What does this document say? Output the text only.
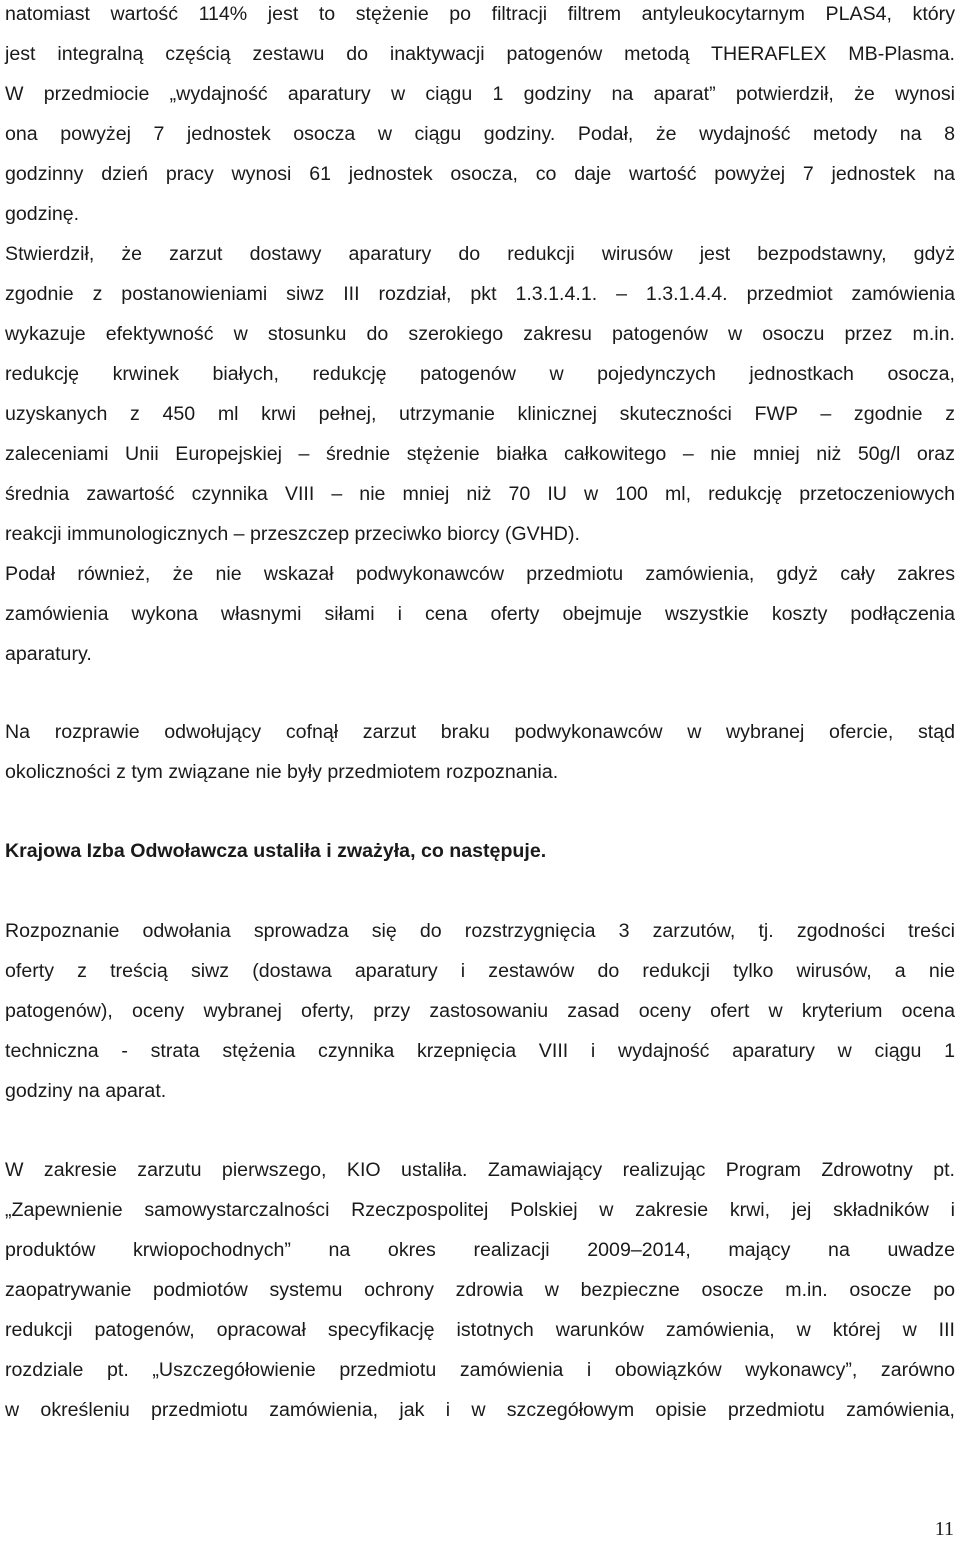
natomiast wartość 114% jest to stężenie po filtracji filtrem antyleukocytarnym PLAS4, który
jest integralną częścią zestawu do inaktywacji patogenów metodą THERAFLEX MB-Plasma.
W przedmiocie „wydajność aparatury w ciągu 1 godziny na aparat” potwierdził, że wynosi
ona powyżej 7 jednostek osocza w ciągu godziny. Podał, że wydajność metody na 8
godzinny dzień pracy wynosi 61 jednostek osocza, co daje wartość powyżej 7 jednostek na
godzinę.
Stwierdził, że zarzut dostawy aparatury do redukcji wirusów jest bezpodstawny, gdyż
zgodnie z postanowieniami siwz III rozdział, pkt 1.3.1.4.1. – 1.3.1.4.4. przedmiot zamówienia
wykazuje efektywność w stosunku do szerokiego zakresu patogenów w osoczu przez m.in.
redukcję krwinek białych, redukcję patogenów w pojedynczych jednostkach osocza,
uzyskanych z 450 ml krwi pełnej, utrzymanie klinicznej skuteczności FWP – zgodnie z
zaleceniami Unii Europejskiej – średnie stężenie białka całkowitego – nie mniej niż 50g/l oraz
średnia zawartość czynnika VIII – nie mniej niż 70 IU w 100 ml, redukcję przetoczeniowych
reakcji immunologicznych – przeszczep przeciwko biorcy (GVHD).
Podał również, że nie wskazał podwykonawców przedmiotu zamówienia, gdyż cały zakres
zamówienia wykona własnymi siłami i cena oferty obejmuje wszystkie koszty podłączenia
aparatury.
Na rozprawie odwołujący cofnął zarzut braku podwykonawców w wybranej ofercie, stąd
okoliczności z tym związane nie były przedmiotem rozpoznania.
Krajowa Izba Odwoławcza ustaliła i zważyła, co następuje.
Rozpoznanie odwołania sprowadza się do rozstrzygnięcia 3 zarzutów, tj. zgodności treści
oferty z treścią siwz (dostawa aparatury i zestawów do redukcji tylko wirusów, a nie
patogenów), oceny wybranej oferty, przy zastosowaniu zasad oceny ofert w kryterium ocena
techniczna - strata stężenia czynnika krzepnięcia VIII i wydajność aparatury w ciągu 1
godziny na aparat.
W zakresie zarzutu pierwszego, KIO ustaliła. Zamawiający realizując Program Zdrowotny pt.
„Zapewnienie samowystarczalności Rzeczpospolitej Polskiej w zakresie krwi, jej składników i
produktów krwiopochodnych” na okres realizacji 2009–2014, mający na uwadze
zaopatrywanie podmiotów systemu ochrony zdrowia w bezpieczne osocze m.in. osocze po
redukcji patogenów, opracował specyfikację istotnych warunków zamówienia, w której w III
rozdziale pt. „Uszczegółowienie przedmiotu zamówienia i obowiązków wykonawcy”, zarówno
w określeniu przedmiotu zamówienia, jak i w szczegółowym opisie przedmiotu zamówienia,
11
